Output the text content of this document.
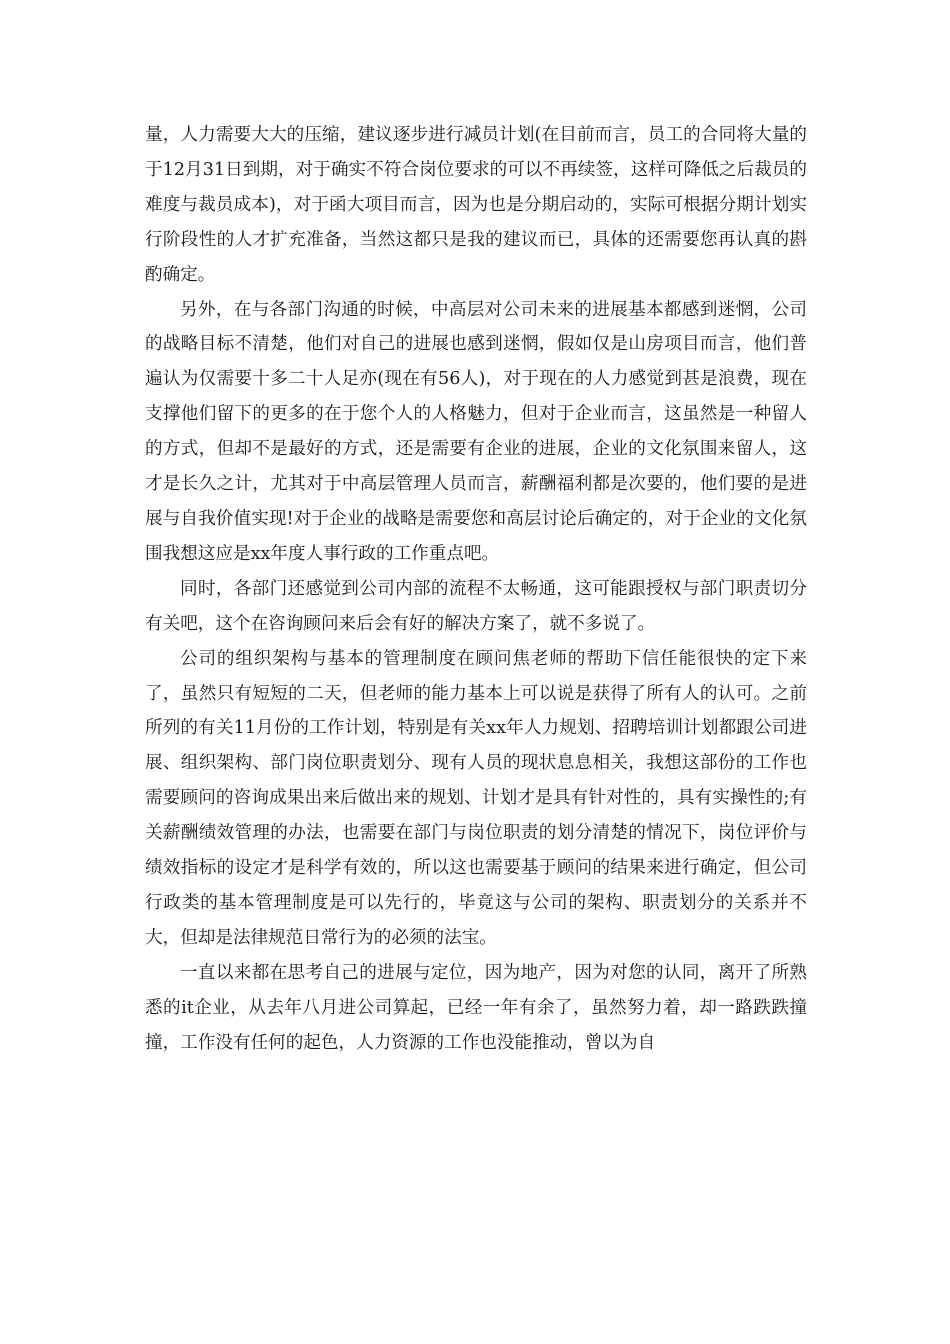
量，人力需要大大的压缩，建议逐步进行减员计划(在目前而言，员工的合同将大量的于12月31日到期，对于确实不符合岗位要求的可以不再续签，这样可降低之后裁员的难度与裁员成本)，对于函大项目而言，因为也是分期启动的，实际可根据分期计划实行阶段性的人才扩充准备，当然这都只是我的建议而已，具体的还需要您再认真的斟酌确定。

另外，在与各部门沟通的时候，中高层对公司未来的进展基本都感到迷惘，公司的战略目标不清楚，他们对自己的进展也感到迷惘，假如仅是山房项目而言，他们普遍认为仅需要十多二十人足亦(现在有56人)，对于现在的人力感觉到甚是浪费，现在支撑他们留下的更多的在于您个人的人格魅力，但对于企业而言，这虽然是一种留人的方式，但却不是最好的方式，还是需要有企业的进展，企业的文化氛围来留人，这才是长久之计，尤其对于中高层管理人员而言，薪酬福利都是次要的，他们要的是进展与自我价值实现!对于企业的战略是需要您和高层讨论后确定的，对于企业的文化氛围我想这应是xx年度人事行政的工作重点吧。

同时，各部门还感觉到公司内部的流程不太畅通，这可能跟授权与部门职责切分有关吧，这个在咨询顾问来后会有好的解决方案了，就不多说了。

公司的组织架构与基本的管理制度在顾问焦老师的帮助下信任能很快的定下来了，虽然只有短短的二天，但老师的能力基本上可以说是获得了所有人的认可。之前所列的有关11月份的工作计划，特别是有关xx年人力规划、招聘培训计划都跟公司进展、组织架构、部门岗位职责划分、现有人员的现状息息相关，我想这部份的工作也需要顾问的咨询成果出来后做出来的规划、计划才是具有针对性的，具有实操性的;有关薪酬绩效管理的办法，也需要在部门与岗位职责的划分清楚的情况下，岗位评价与绩效指标的设定才是科学有效的，所以这也需要基于顾问的结果来进行确定，但公司行政类的基本管理制度是可以先行的，毕竟这与公司的架构、职责划分的关系并不大，但却是法律规范日常行为的必须的法宝。

一直以来都在思考自己的进展与定位，因为地产，因为对您的认同，离开了所熟悉的it企业，从去年八月进公司算起，已经一年有余了，虽然努力着，却一路跌跌撞撞，工作没有任何的起色，人力资源的工作也没能推动，曾以为自
